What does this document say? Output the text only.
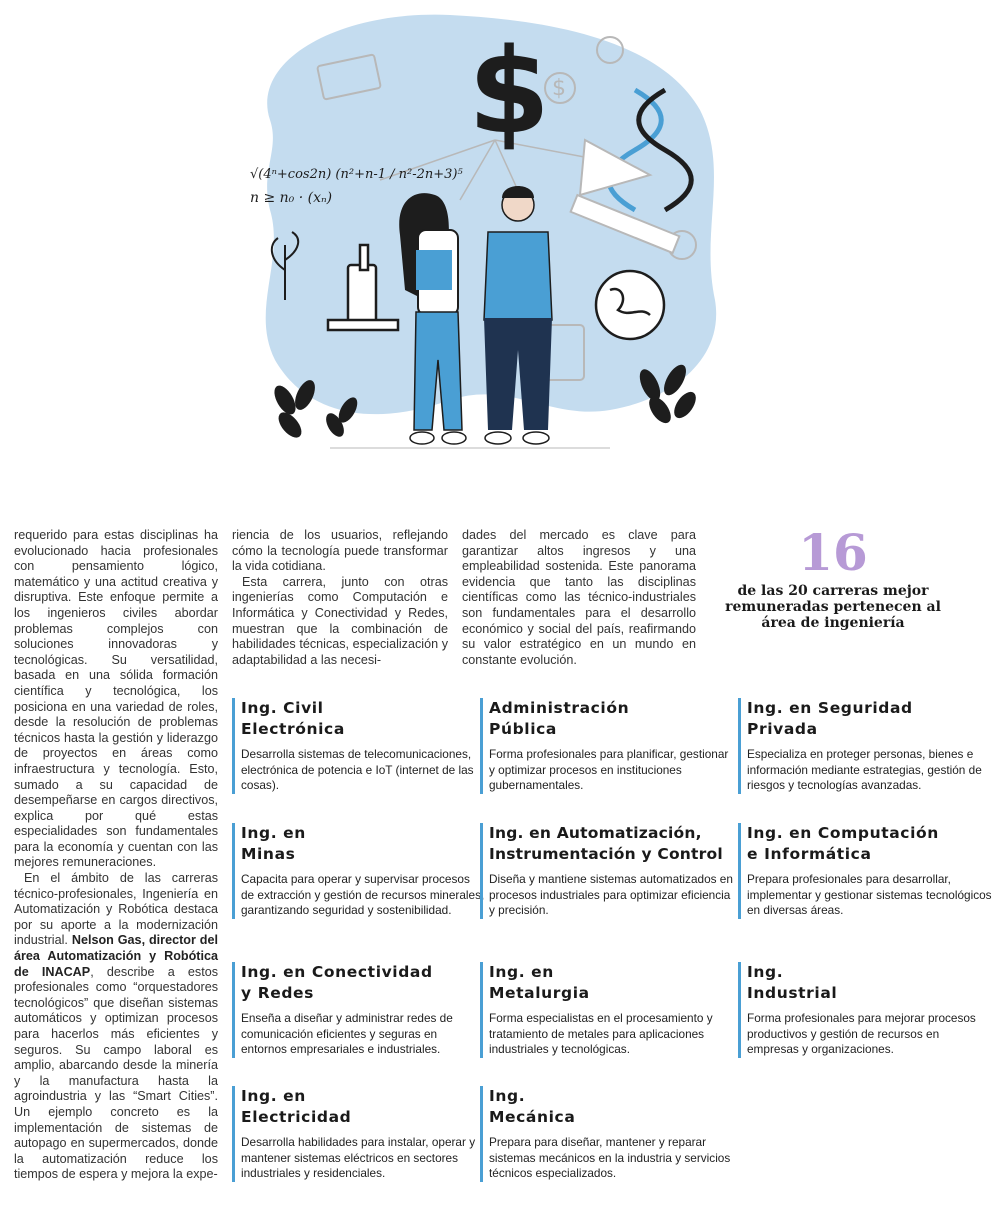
$ $
√(4ⁿ+cos2n) (n²+n-1 / n²-2n+3)⁵
n ≥ n₀ · (xₙ)

requerido para estas disciplinas ha evolucionado hacia profesionales con pensamiento lógico, matemático y una actitud creativa y disruptiva. Este enfoque permite a los ingenieros civiles abordar problemas complejos con soluciones innovadoras y tecnológicas. Su versatilidad, basada en una sólida formación científica y tecnológica, los posiciona en una variedad de roles, desde la resolución de problemas técnicos hasta la gestión y liderazgo de proyectos en áreas como infraestructura y tecnología. Esto, sumado a su capacidad de desempeñarse en cargos directivos, explica por qué estas especialidades son fundamentales para la economía y cuentan con las mejores remuneraciones.

En el ámbito de las carreras técnico-profesionales, Ingeniería en Automatización y Robótica destaca por su aporte a la modernización industrial. Nelson Gas, director del área Automatización y Robótica de INACAP, describe a estos profesionales como “orquestadores tecnológicos” que diseñan sistemas automáticos y optimizan procesos para hacerlos más eficientes y seguros. Su campo laboral es amplio, abarcando desde la minería y la manufactura hasta la agroindustria y las “Smart Cities”. Un ejemplo concreto es la implementación de sistemas de autopago en supermercados, donde la automatización reduce los tiempos de espera y mejora la expe-

riencia de los usuarios, reflejando cómo la tecnología puede transformar la vida cotidiana.

Esta carrera, junto con otras ingenierías como Computación e Informática y Conectividad y Redes, muestran que la combinación de habilidades técnicas, especialización y adaptabilidad a las necesi-

dades del mercado es clave para garantizar altos ingresos y una empleabilidad sostenida. Este panorama evidencia que tanto las disciplinas científicas como las técnico-industriales son fundamentales para el desarrollo económico y social del país, reafirmando su valor estratégico en un mundo en constante evolución.

16
de las 20 carreras mejor remuneradas pertenecen al área de ingeniería
Ing. Civil
Electrónica
Desarrolla sistemas de telecomunicaciones, electrónica de potencia e IoT (internet de las cosas).
Administración
Pública
Forma profesionales para planificar, gestionar y optimizar procesos en instituciones gubernamentales.
Ing. en Seguridad
Privada
Especializa en proteger personas, bienes e información mediante estrategias, gestión de riesgos y tecnologías avanzadas.
Ing. en
Minas
Capacita para operar y supervisar procesos de extracción y gestión de recursos minerales, garantizando seguridad y sostenibilidad.
Ing. en Automatización,
Instrumentación y Control
Diseña y mantiene sistemas automatizados en procesos industriales para optimizar eficiencia y precisión.
Ing. en Computación
e Informática
Prepara profesionales para desarrollar, implementar y gestionar sistemas tecnológicos en diversas áreas.
Ing. en Conectividad
y Redes
Enseña a diseñar y administrar redes de comunicación eficientes y seguras en entornos empresariales e industriales.
Ing. en
Metalurgia
Forma especialistas en el procesamiento y tratamiento de metales para aplicaciones industriales y tecnológicas.
Ing.
Industrial
Forma profesionales para mejorar procesos productivos y gestión de recursos en empresas y organizaciones.
Ing. en
Electricidad
Desarrolla habilidades para instalar, operar y mantener sistemas eléctricos en sectores industriales y residenciales.
Ing.
Mecánica
Prepara para diseñar, mantener y reparar sistemas mecánicos en la industria y servicios técnicos especializados.
